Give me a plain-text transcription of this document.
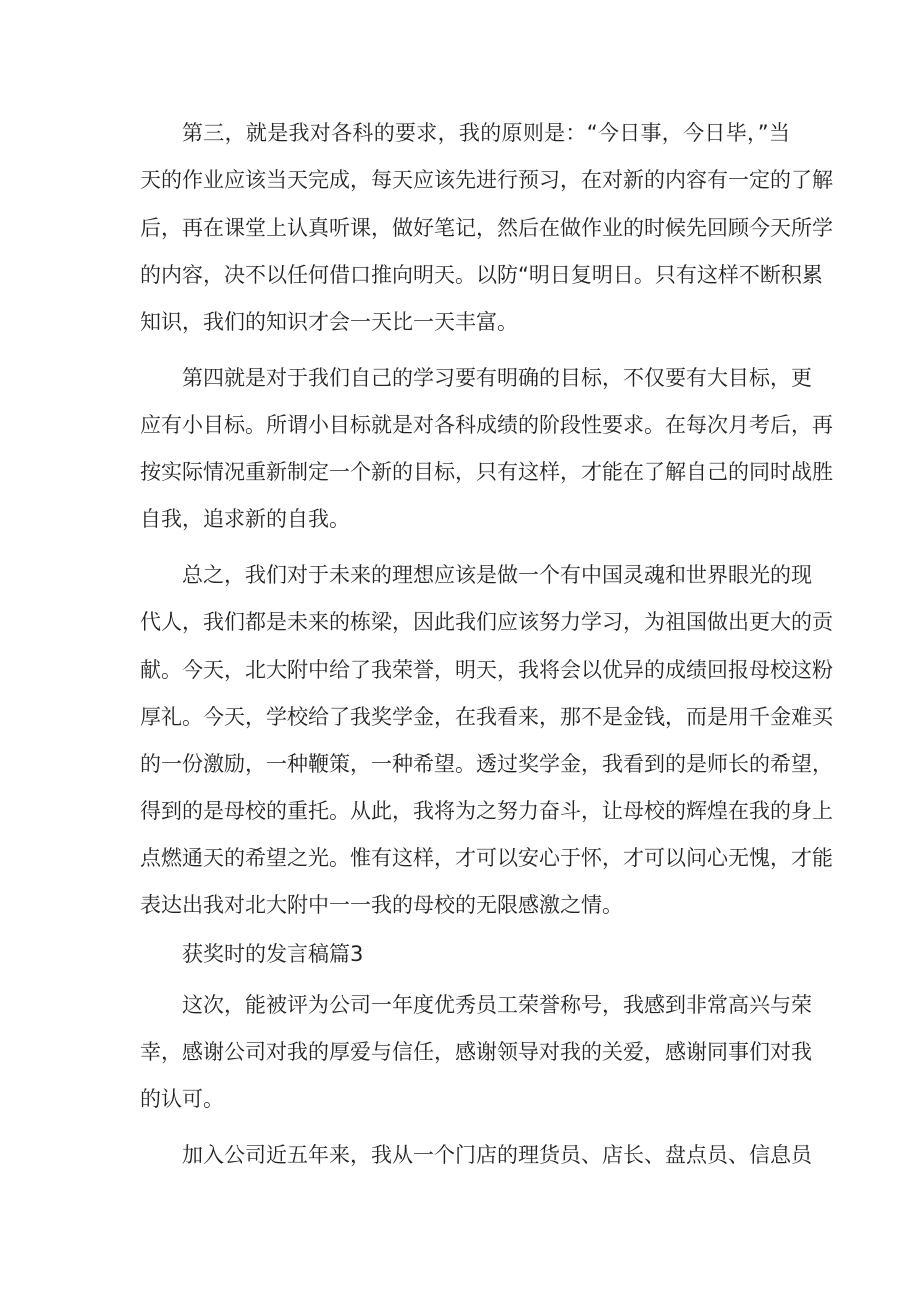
第三，就是我对各科的要求，我的原则是：“今日事，今日毕，”当
天的作业应该当天完成，每天应该先进行预习，在对新的内容有一定的了解
后，再在课堂上认真听课，做好笔记，然后在做作业的时候先回顾今天所学
的内容，决不以任何借口推向明天。以防“明日复明日。只有这样不断积累
知识，我们的知识才会一天比一天丰富。
第四就是对于我们自己的学习要有明确的目标，不仅要有大目标，更
应有小目标。所谓小目标就是对各科成绩的阶段性要求。在每次月考后，再
按实际情况重新制定一个新的目标，只有这样，才能在了解自己的同时战胜
自我，追求新的自我。
总之，我们对于未来的理想应该是做一个有中国灵魂和世界眼光的现
代人，我们都是未来的栋梁，因此我们应该努力学习，为祖国做出更大的贡
献。今天，北大附中给了我荣誉，明天，我将会以优异的成绩回报母校这粉
厚礼。今天，学校给了我奖学金，在我看来，那不是金钱，而是用千金难买
的一份激励，一种鞭策，一种希望。透过奖学金，我看到的是师长的希望，
得到的是母校的重托。从此，我将为之努力奋斗，让母校的辉煌在我的身上
点燃通天的希望之光。惟有这样，才可以安心于怀，才可以问心无愧，才能
表达出我对北大附中一一我的母校的无限感激之情。
获奖时的发言稿篇3
这次，能被评为公司一年度优秀员工荣誉称号，我感到非常高兴与荣
幸，感谢公司对我的厚爱与信任，感谢领导对我的关爱，感谢同事们对我
的认可。
加入公司近五年来，我从一个门店的理货员、店长、盘点员、信息员
